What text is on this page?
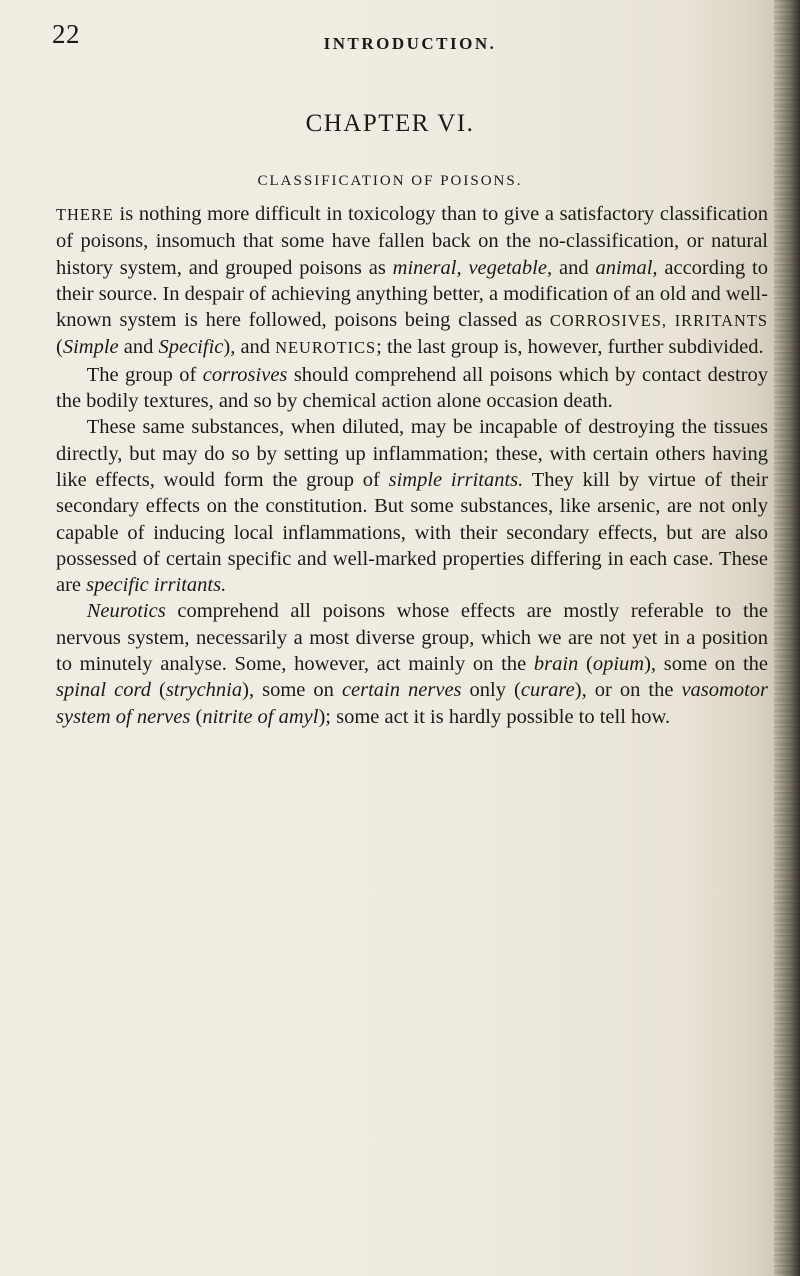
22	INTRODUCTION.
CHAPTER VI.
CLASSIFICATION OF POISONS.

THERE is nothing more difficult in toxicology than to give a satisfactory classification of poisons, insomuch that some have fallen back on the no-classification, or natural history system, and grouped poisons as mineral, vegetable, and animal, according to their source. In despair of achieving anything better, a modification of an old and well-known system is here followed, poisons being classed as CORROSIVES, IRRITANTS (Simple and Specific), and NEUROTICS; the last group is, however, further subdivided.

The group of corrosives should comprehend all poisons which by contact destroy the bodily textures, and so by chemical action alone occasion death.

These same substances, when diluted, may be incapable of destroying the tissues directly, but may do so by setting up inflammation; these, with certain others having like effects, would form the group of simple irritants. They kill by virtue of their secondary effects on the constitution. But some substances, like arsenic, are not only capable of inducing local inflammations, with their secondary effects, but are also possessed of certain specific and well-marked properties differing in each case. These are specific irritants.

Neurotics comprehend all poisons whose effects are mostly referable to the nervous system, necessarily a most diverse group, which we are not yet in a position to minutely analyse. Some, however, act mainly on the brain (opium), some on the spinal cord (strychnia), some on certain nerves only (curare), or on the vasomotor system of nerves (nitrite of amyl); some act it is hardly possible to tell how.
